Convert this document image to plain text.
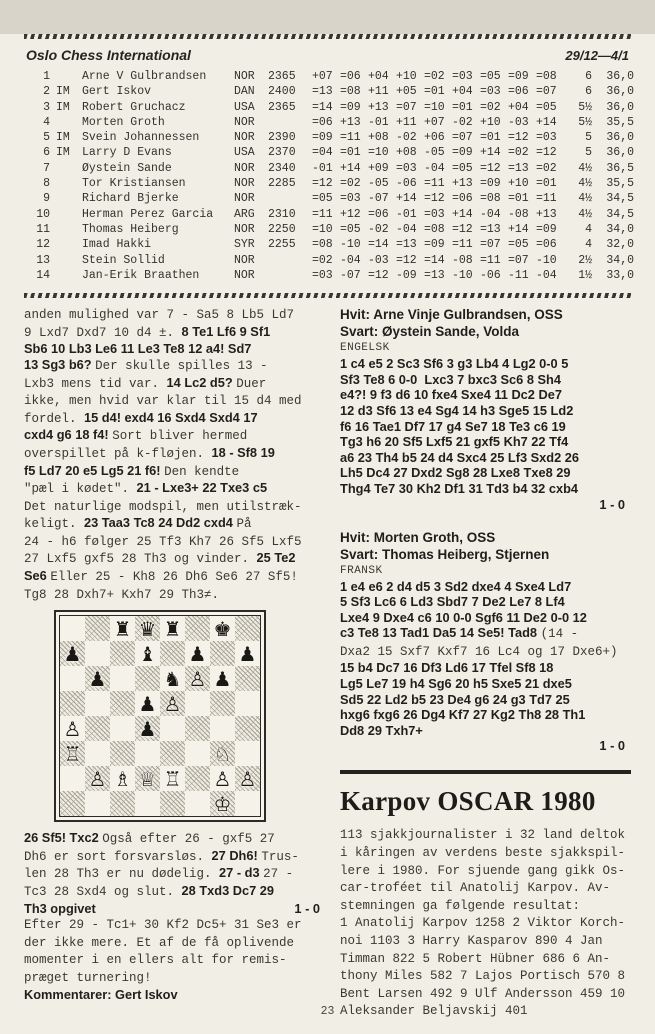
Oslo Chess International	29/12—4/1
1	Arne V Gulbrandsen	NOR	2365	+07 =06 +04 +10 =02 =03 =05 =09 =08	6	36,0
2 IM	Gert Iskov	DAN	2400	=13 =08 +11 +05 =01 +04 =03 =06 =07	6	36,0
3 IM	Robert Gruchacz	USA	2365	=14 =09 +13 =07 =10 =01 =02 +04 =05	5½	36,0
4	Morten Groth	NOR	=06 +13 -01 +11 +07 -02 +10 -03 +14	5½	35,5
5 IM	Svein Johannessen	NOR	2390	=09 =11 +08 -02 +06 =07 =01 =12 =03	5	36,0
6 IM	Larry D Evans	USA	2370	=04 =01 =10 +08 -05 =09 +14 =02 =12	5	36,0
7	Øystein Sande	NOR	2340	-01 +14 +09 =03 -04 =05 =12 =13 =02	4½	36,5
8	Tor Kristiansen	NOR	2285	=12 =02 -05 -06 =11 +13 =09 +10 =01	4½	35,5
9	Richard Bjerke	NOR	=05 =03 -07 +14 =12 =06 =08 =01 =11	4½	34,5
10	Herman Perez Garcia	ARG	2310	=11 +12 =06 -01 =03 +14 -04 -08 +13	4½	34,5
11	Thomas Heiberg	NOR	2250	=10 =05 -02 -04 =08 =12 =13 +14 =09	4	34,0
12	Imad Hakki	SYR	2255	=08 -10 =14 =13 =09 =11 =07 =05 =06	4	32,0
13	Stein Sollid	NOR	=02 -04 -03 =12 =14 -08 =11 =07 -10	2½	34,0
14	Jan-Erik Braathen	NOR	=03 -07 =12 -09 =13 -10 -06 -11 -04	1½	33,0
anden mulighed var 7 - Sa5 8 Lb5 Ld7
9 Lxd7 Dxd7 10 d4 ±. 8 Te1 Lf6 9 Sf1
Sb6 10 Lb3 Le6 11 Le3 Te8 12 a4! Sd7
13 Sg3 b6? Der skulle spilles 13 -
Lxb3 mens tid var. 14 Lc2 d5? Duer
ikke, men hvid var klar til 15 d4 med
fordel. 15 d4! exd4 16 Sxd4 Sxd4 17
cxd4 g6 18 f4! Sort bliver hermed
overspillet på k-fløjen. 18 - Sf8 19
f5 Ld7 20 e5 Lg5 21 f6! Den kendte
"pæl i kødet". 21 - Lxe3+ 22 Txe3 c5
Det naturlige modspil, men utilstræk-
keligt. 23 Taa3 Tc8 24 Dd2 cxd4 På
24 - h6 følger 25 Tf3 Kh7 26 Sf5 Lxf5
27 Lxf5 gxf5 28 Th3 og vinder. 25 Te2
Se6 Eller 25 - Kh8 26 Dh6 Se6 27 Sf5!
Tg8 28 Dxh7+ Kxh7 29 Th3≠.
♜ ♛ ♜ ♚
♟	♝ ♟ ♟
♟	♞ ♙ ♟
♟ ♙
♙	♟
♖	♘
♙ ♗ ♕ ♖ ♙ ♙
♔
26 Sf5! Txc2 Også efter 26 - gxf5 27
Dh6 er sort forsvarsløs. 27 Dh6! Trus-
len 28 Th3 er nu dødelig. 27 - d3 27 -
Tc3 28 Sxd4 og slut. 28 Txd3 Dc7 29
1 - 0
Th3 opgivet
Efter 29 - Tc1+ 30 Kf2 Dc5+ 31 Se3 er
der ikke mere. Et af de få oplivende
momenter i en ellers alt for remis-
præget turnering!
Kommentarer: Gert Iskov
Hvit: Arne Vinje Gulbrandsen, OSS
Svart: Øystein Sande, Volda
ENGELSK
1 c4 e5 2 Sc3 Sf6 3 g3 Lb4 4 Lg2 0-0 5
Sf3 Te8 6 0-0  Lxc3 7 bxc3 Sc6 8 Sh4
e4?! 9 f3 d6 10 fxe4 Sxe4 11 Dc2 De7
12 d3 Sf6 13 e4 Sg4 14 h3 Sge5 15 Ld2
f6 16 Tae1 Df7 17 g4 Se7 18 Te3 c6 19
Tg3 h6 20 Sf5 Lxf5 21 gxf5 Kh7 22 Tf4
a6 23 Th4 b5 24 d4 Sxc4 25 Lf3 Sxd2 26
Lh5 Dc4 27 Dxd2 Sg8 28 Lxe8 Txe8 29
Thg4 Te7 30 Kh2 Df1 31 Td3 b4 32 cxb4
1 - 0
Hvit: Morten Groth, OSS
Svart: Thomas Heiberg, Stjernen
FRANSK
1 e4 e6 2 d4 d5 3 Sd2 dxe4 4 Sxe4 Ld7
5 Sf3 Lc6 6 Ld3 Sbd7 7 De2 Le7 8 Lf4
Lxe4 9 Dxe4 c6 10 0-0 Sgf6 11 De2 0-0 12
c3 Te8 13 Tad1 Da5 14 Se5! Tad8 (14 -
Dxa2 15 Sxf7 Kxf7 16 Lc4 og 17 Dxe6+)
15 b4 Dc7 16 Df3 Ld6 17 Tfel Sf8 18
Lg5 Le7 19 h4 Sg6 20 h5 Sxe5 21 dxe5
Sd5 22 Ld2 b5 23 De4 g6 24 g3 Td7 25
hxg6 fxg6 26 Dg4 Kf7 27 Kg2 Th8 28 Th1
Dd8 29 Txh7+
1 - 0
Karpov OSCAR 1980
113 sjakkjournalister i 32 land deltok
i kåringen av verdens beste sjakkspil-
lere i 1980. For sjuende gang gikk Os-
car-troféet til Anatolij Karpov. Av-
stemningen ga følgende resultat:
1 Anatolij Karpov 1258 2 Viktor Korch-
noi 1103 3 Harry Kasparov 890 4 Jan
Timman 822 5 Robert Hübner 686 6 An-
thony Miles 582 7 Lajos Portisch 570 8
Bent Larsen 492 9 Ulf Andersson 459 10
Aleksander Beljavskij 401
23
